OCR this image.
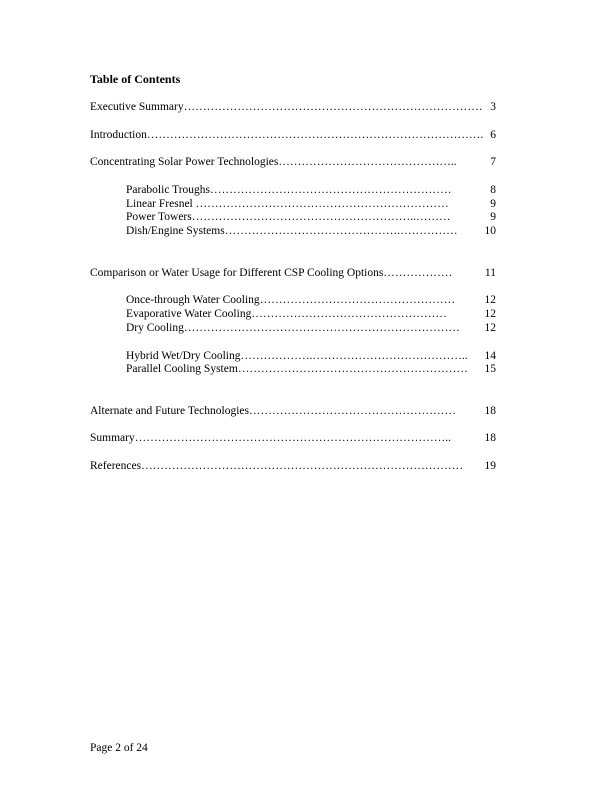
Table of Contents
Executive Summary…………………………………………………………………… 3
Introduction……………………………………………………………………………. 6
Concentrating Solar Power Technologies………………………………………..	7
Parabolic Troughs………………………………………………………	8
Linear Fresnel …………………………………………………………	9
Power Towers…………………………………………………..………	9
Dish/Engine Systems……………………………………….……………	10
Comparison or Water Usage for Different CSP Cooling Options………………	11
Once-through Water Cooling……………………………………………	12
Evaporative Water Cooling……………………………………………	12
Dry Cooling………………………………………………………………	12
Hybrid Wet/Dry Cooling……………….…………………………………..	14
Parallel Cooling System……………………………………………………	15
Alternate and Future Technologies………………………………………………	18
Summary………………………………………………………………………..	18
References…………………………………………………………………………	19
Page 2 of 24
